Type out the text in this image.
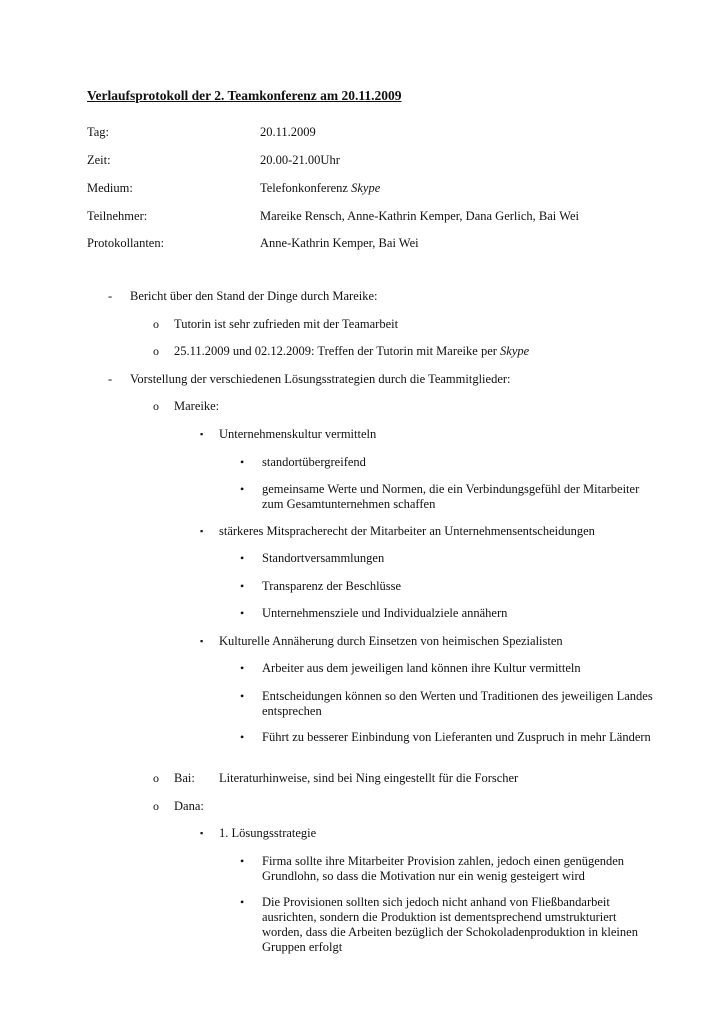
Verlaufsprotokoll der 2. Teamkonferenz am 20.11.2009
Tag:	20.11.2009
Zeit:	20.00-21.00Uhr
Medium:	Telefonkonferenz Skype
Teilnehmer:	Mareike Rensch, Anne-Kathrin Kemper, Dana Gerlich, Bai Wei
Protokollanten:	Anne-Kathrin Kemper, Bai Wei
- Bericht über den Stand der Dinge durch Mareike:
o Tutorin ist sehr zufrieden mit der Teamarbeit
o 25.11.2009 und 02.12.2009: Treffen der Tutorin mit Mareike per Skype
- Vorstellung der verschiedenen Lösungsstrategien durch die Teammitglieder:
o Mareike:
▪ Unternehmenskultur vermitteln
• standortübergreifend
• gemeinsame Werte und Normen, die ein Verbindungsgefühl der Mitarbeiter zum Gesamtunternehmen schaffen
▪ stärkeres Mitspracherecht der Mitarbeiter an Unternehmensentscheidungen
• Standortversammlungen
• Transparenz der Beschlüsse
• Unternehmensziele und Individualziele annähern
▪ Kulturelle Annäherung durch Einsetzen von heimischen Spezialisten
• Arbeiter aus dem jeweiligen land können ihre Kultur vermitteln
• Entscheidungen können so den Werten und Traditionen des jeweiligen Landes entsprechen
• Führt zu besserer Einbindung von Lieferanten und Zuspruch in mehr Ländern
o Bai: Literaturhinweise, sind bei Ning eingestellt für die Forscher
o Dana:
▪ 1. Lösungsstrategie
• Firma sollte ihre Mitarbeiter Provision zahlen, jedoch einen genügenden Grundlohn, so dass die Motivation nur ein wenig gesteigert wird
• Die Provisionen sollten sich jedoch nicht anhand von Fließbandarbeit ausrichten, sondern die Produktion ist dementsprechend umstrukturiert worden, dass die Arbeiten bezüglich der Schokoladenproduktion in kleinen Gruppen erfolgt
